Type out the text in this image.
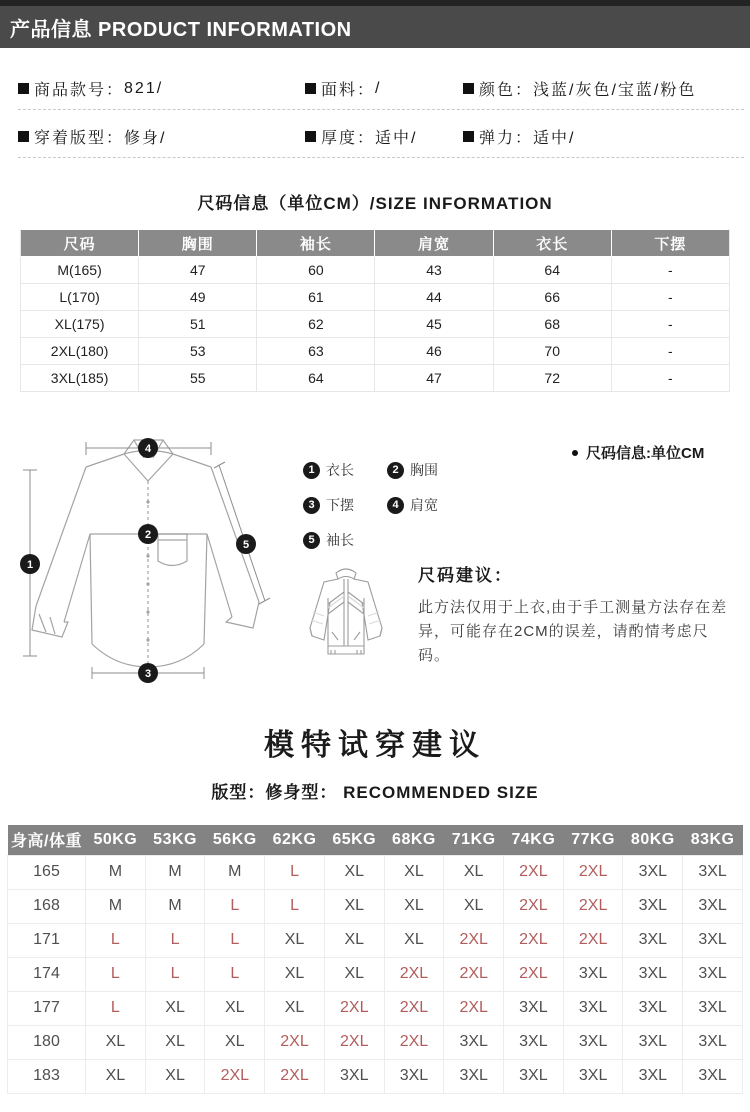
产品信息 PRODUCT INFORMATION
商品款号 ： 821/	面料 ： /	颜色 ： 浅蓝/灰色/宝蓝/粉色
穿着版型 ： 修身/	厚度 ： 适中/	弹力 ： 适中/
尺码信息（单位CM）/SIZE INFORMATION
尺码	胸围	袖长	肩宽	衣长	下摆
M(165)	47	60	43	64	-
L(170)	49	61	44	66	-
XL(175)	51	62	45	68	-
2XL(180)	53	63	46	70	-
3XL(185)	55	64	47	72	-
1
2
3
4
5
1 衣长	2 胸围
3 下摆	4 肩宽
5 袖长
尺码信息:单位CM
尺码建议：
此方法仅用于上衣,由于手工测量方法存在差异，可能存在2CM的误差，请酌情考虑尺码。
模特试穿建议
版型：修身型： RECOMMENDED SIZE
身高/体重	50KG	53KG	56KG	62KG	65KG	68KG	71KG	74KG	77KG	80KG	83KG
165	M	M	M	L	XL	XL	XL	2XL	2XL	3XL	3XL
168	M	M	L	L	XL	XL	XL	2XL	2XL	3XL	3XL
171	L	L	L	XL	XL	XL	2XL	2XL	2XL	3XL	3XL
174	L	L	L	XL	XL	2XL	2XL	2XL	3XL	3XL	3XL
177	L	XL	XL	XL	2XL	2XL	2XL	3XL	3XL	3XL	3XL
180	XL	XL	XL	2XL	2XL	2XL	3XL	3XL	3XL	3XL	3XL
183	XL	XL	2XL	2XL	3XL	3XL	3XL	3XL	3XL	3XL	3XL
